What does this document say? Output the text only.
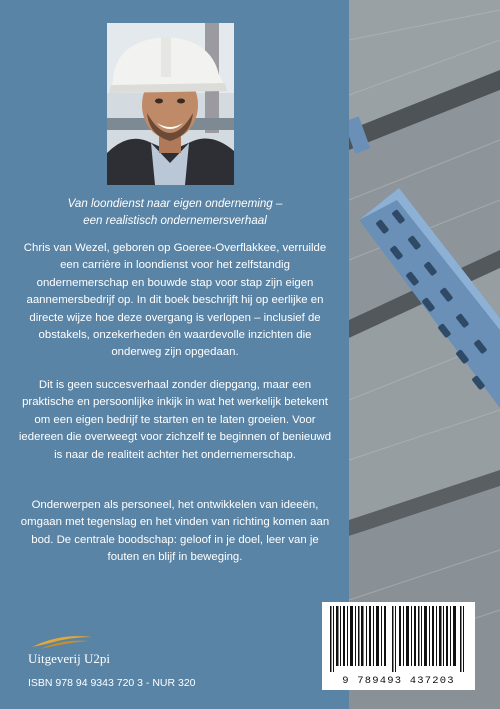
Van loondienst naar eigen onderneming –
een realistisch ondernemersverhaal

Chris van Wezel, geboren op Goeree-Overflakkee, verruilde een carrière in loondienst voor het zelfstandig ondernemerschap en bouwde stap voor stap zijn eigen aannemersbedrijf op. In dit boek beschrijft hij op eerlijke en directe wijze hoe deze overgang is verlopen – inclusief de obstakels, onzekerheden én waardevolle inzichten die onderweg zijn opgedaan.

Dit is geen succesverhaal zonder diepgang, maar een praktische en persoonlijke inkijk in wat het werkelijk betekent om een eigen bedrijf te starten en te laten groeien. Voor iedereen die overweegt voor zichzelf te beginnen of benieuwd is naar de realiteit achter het ondernemerschap.

Onderwerpen als personeel, het ontwikkelen van ideeën, omgaan met tegenslag en het vinden van richting komen aan bod. De centrale boodschap: geloof in je doel, leer van je fouten en blijf in beweging.

Uitgeverij U2pi

ISBN 978 94 9343 720 3 - NUR 320	9 789493 437203
